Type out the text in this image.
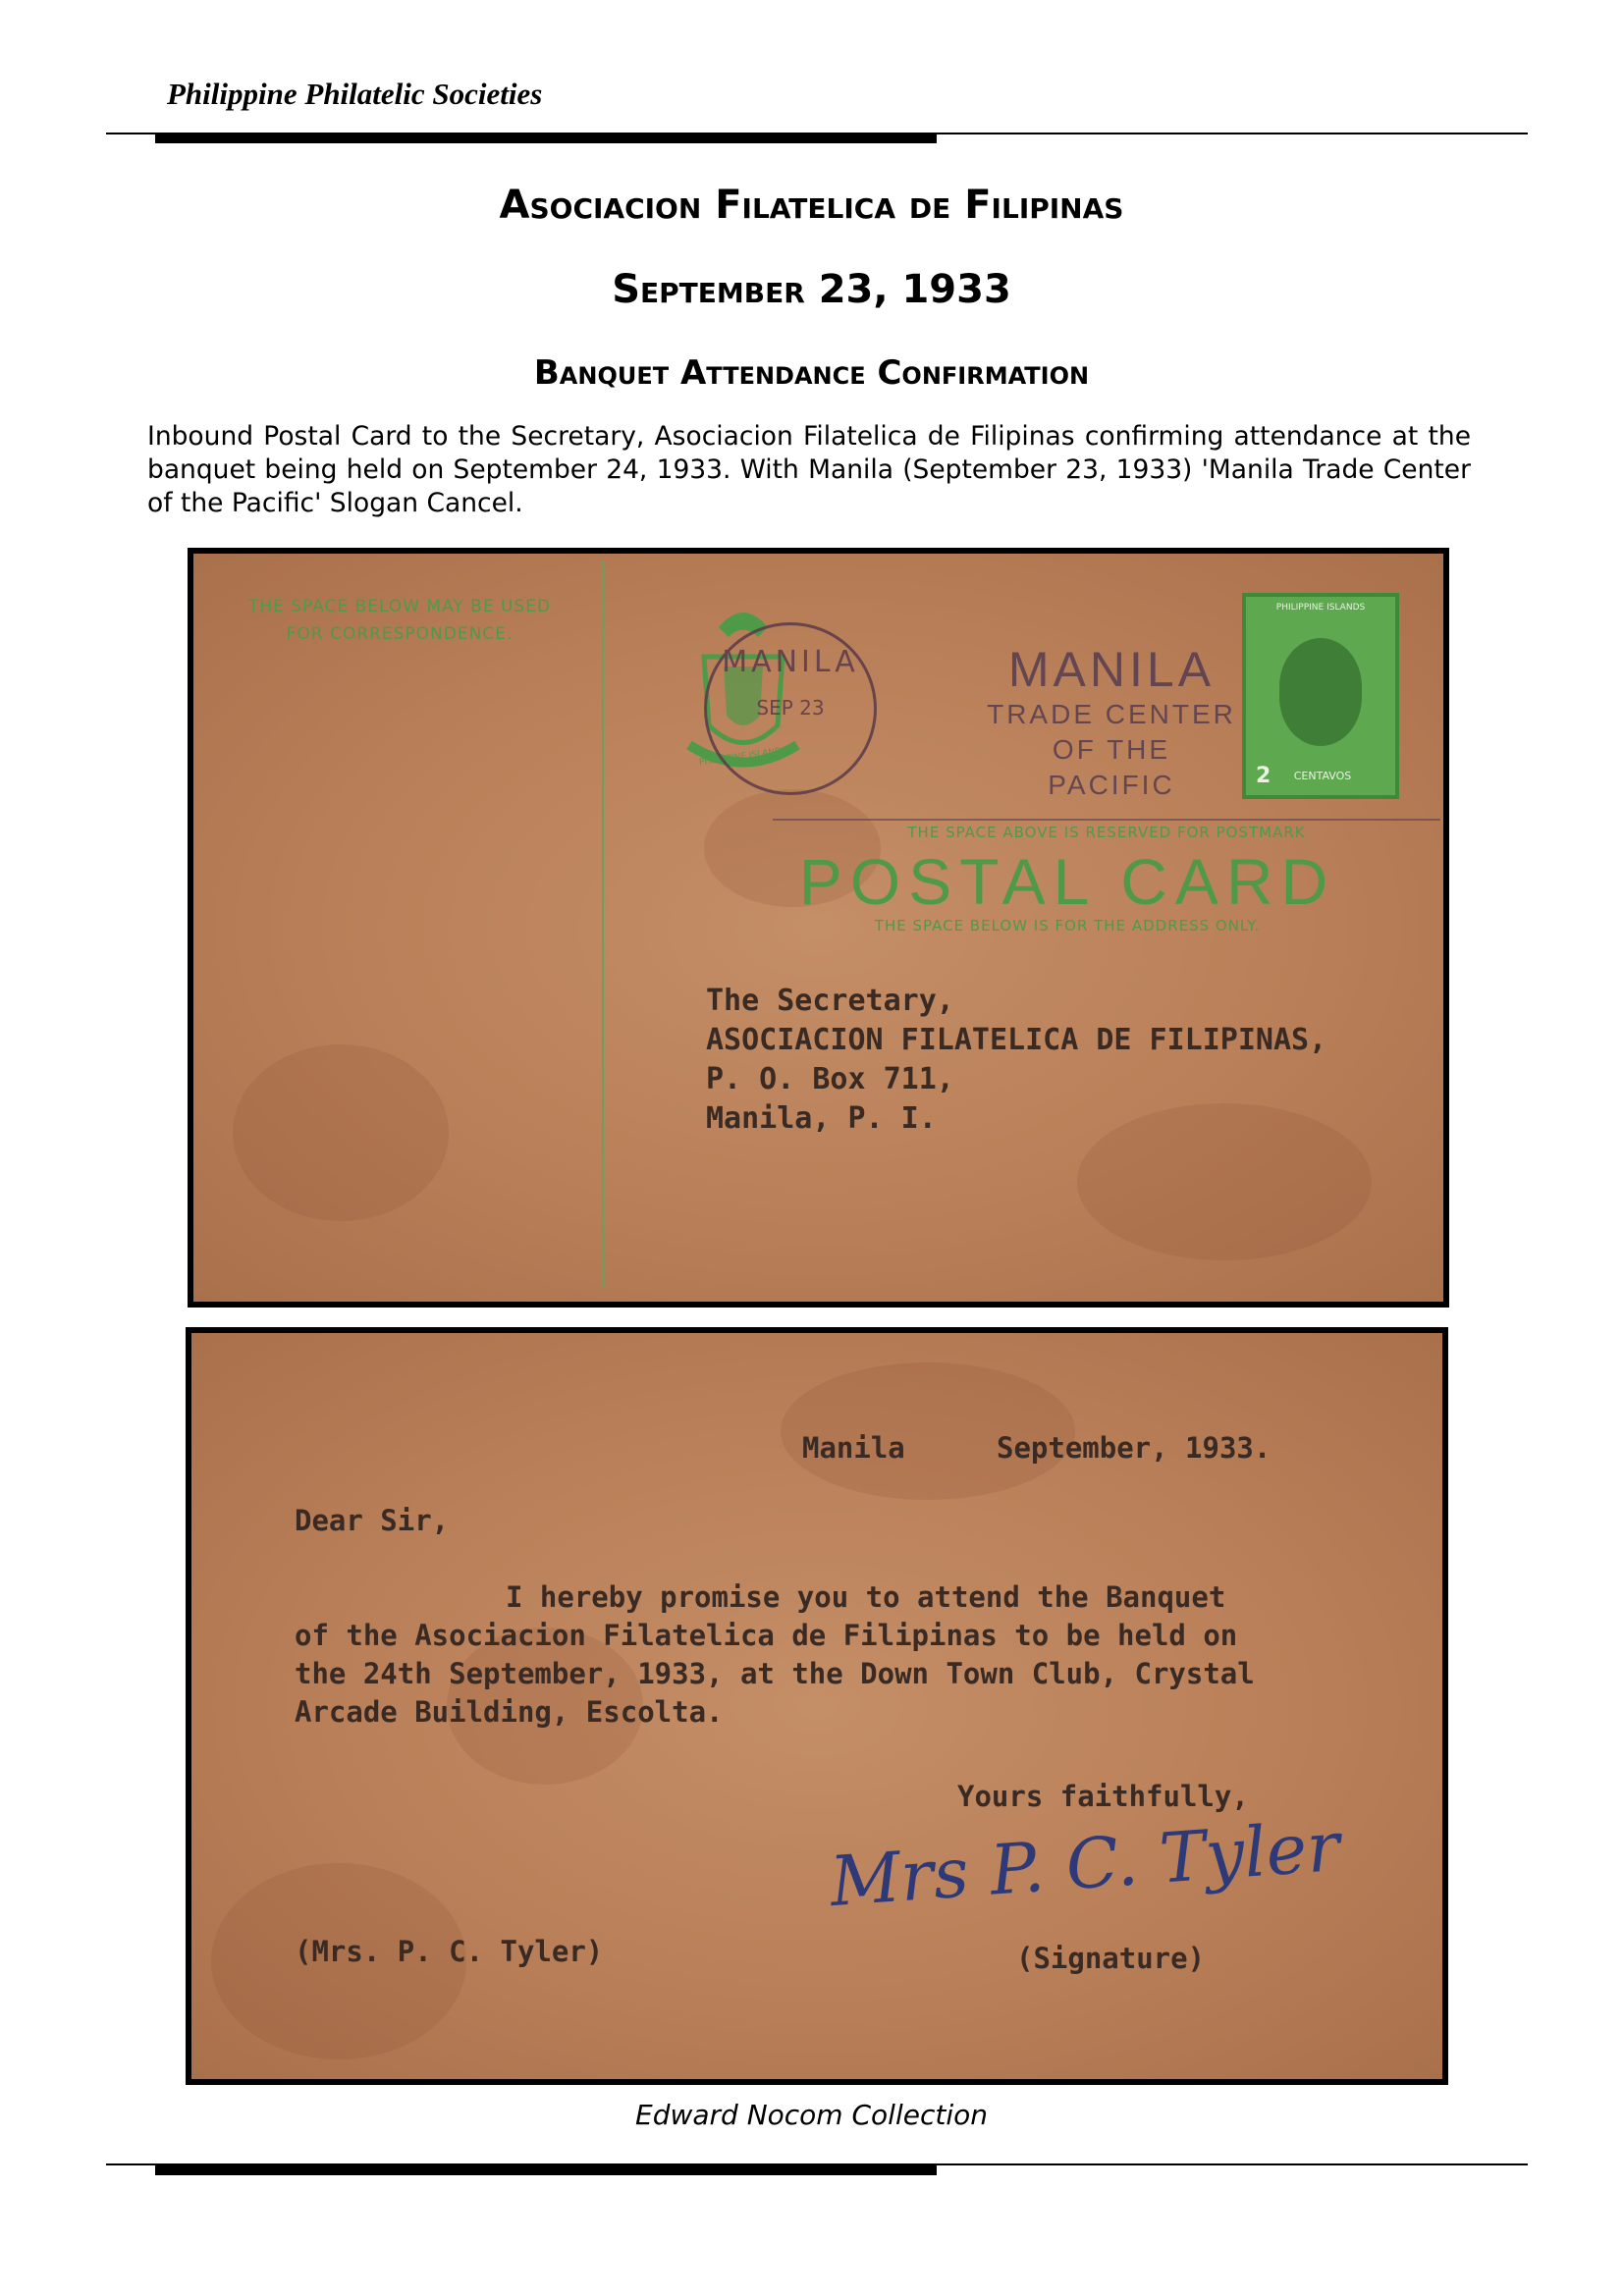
Philippine Philatelic Societies
Asociacion Filatelica de Filipinas
September 23, 1933
Banquet Attendance Confirmation
Inbound Postal Card to the Secretary, Asociacion Filatelica de Filipinas confirming attendance at the banquet being held on September 24, 1933. With Manila (September 23, 1933) 'Manila Trade Center of the Pacific' Slogan Cancel.
THE SPACE BELOW MAY BE USED
FOR CORRESPONDENCE.
PHILIPPINE ISLANDS
MANILA
SEP 23
MANILA
TRADE CENTER
OF THE
PACIFIC
PHILIPPINE ISLANDS
2	CENTAVOS
THE SPACE ABOVE IS RESERVED FOR POSTMARK
POSTAL CARD
THE SPACE BELOW IS FOR THE ADDRESS ONLY.
The Secretary,
ASOCIACION FILATELICA DE FILIPINAS,
P. O. Box 711,
Manila, P. I.
Manila	September, 1933.
Dear Sir,
I hereby promise you to attend the Banquet
of the Asociacion Filatelica de Filipinas to be held on
the 24th September, 1933, at the Down Town Club, Crystal
Arcade Building, Escolta.
Yours faithfully,
Mrs P. C. Tyler
(Mrs. P. C. Tyler)	(Signature)
Edward Nocom Collection
